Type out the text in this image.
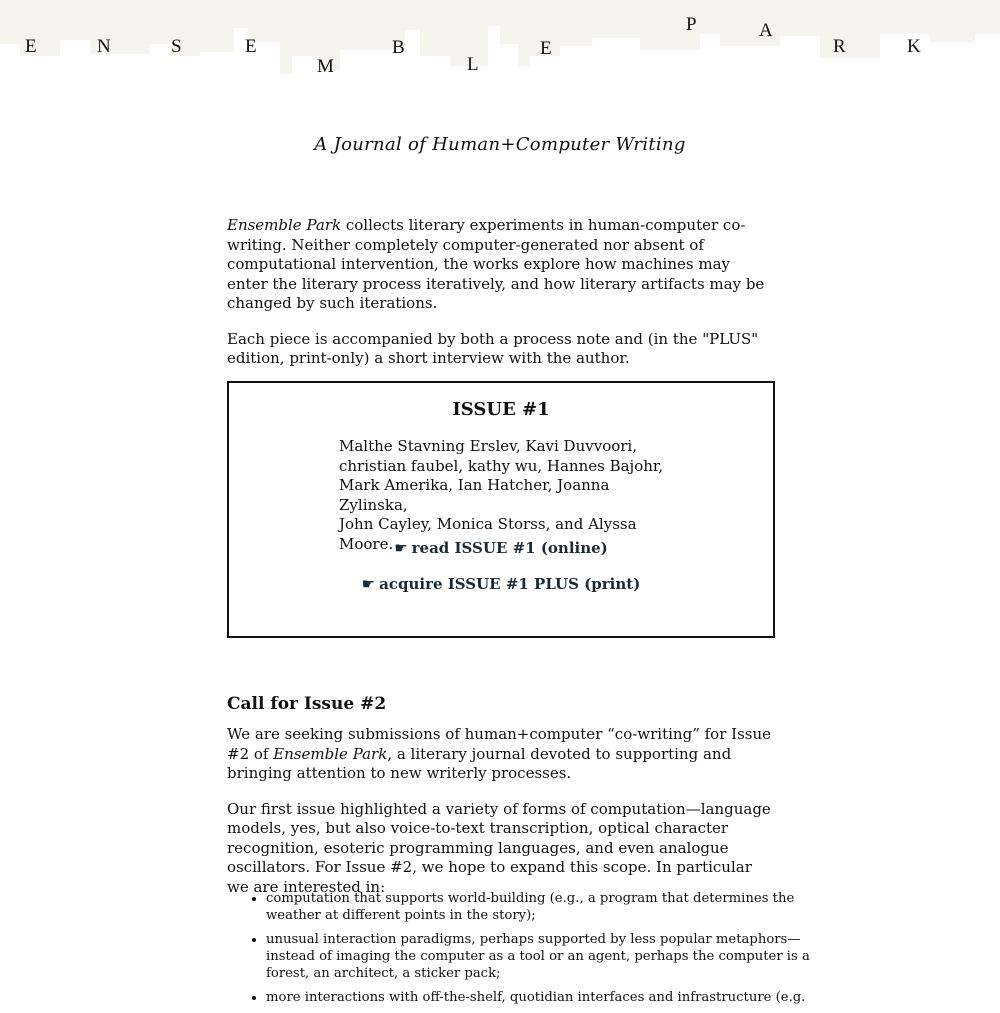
E	N	S	E
M
B
L
E
P	A
R	K
A Journal of Human+Computer Writing

Ensemble Park collects literary experiments in human-computer co-writing. Neither completely computer-generated nor absent of computational intervention, the works explore how machines may enter the literary process iteratively, and how literary artifacts may be changed by such iterations.

Each piece is accompanied by both a process note and (in the "PLUS" edition, print-only) a short interview with the author.

ISSUE #1
Malthe Stavning Erslev, Kavi Duvvoori,
christian faubel, kathy wu, Hannes Bajohr,
Mark Amerika, Ian Hatcher, Joanna Zylinska,
John Cayley, Monica Storss, and Alyssa Moore. ☛ read ISSUE #1 (online)
☛ acquire ISSUE #1 PLUS (print)
Call for Issue #2

We are seeking submissions of human+computer “co-writing” for Issue #2 of Ensemble Park, a literary journal devoted to supporting and bringing attention to new writerly processes.

Our first issue highlighted a variety of forms of computation—language models, yes, but also voice-to-text transcription, optical character recognition, esoteric programming languages, and even analogue oscillators. For Issue #2, we hope to expand this scope. In particular we are interested in:

• computation that supports world-building (e.g., a program that determines the weather at different points in the story);
• unusual interaction paradigms, perhaps supported by less popular metaphors—instead of imaging the computer as a tool or an agent, perhaps the computer is a forest, an architect, a sticker pack;
• more interactions with off-the-shelf, quotidian interfaces and infrastructure (e.g.
